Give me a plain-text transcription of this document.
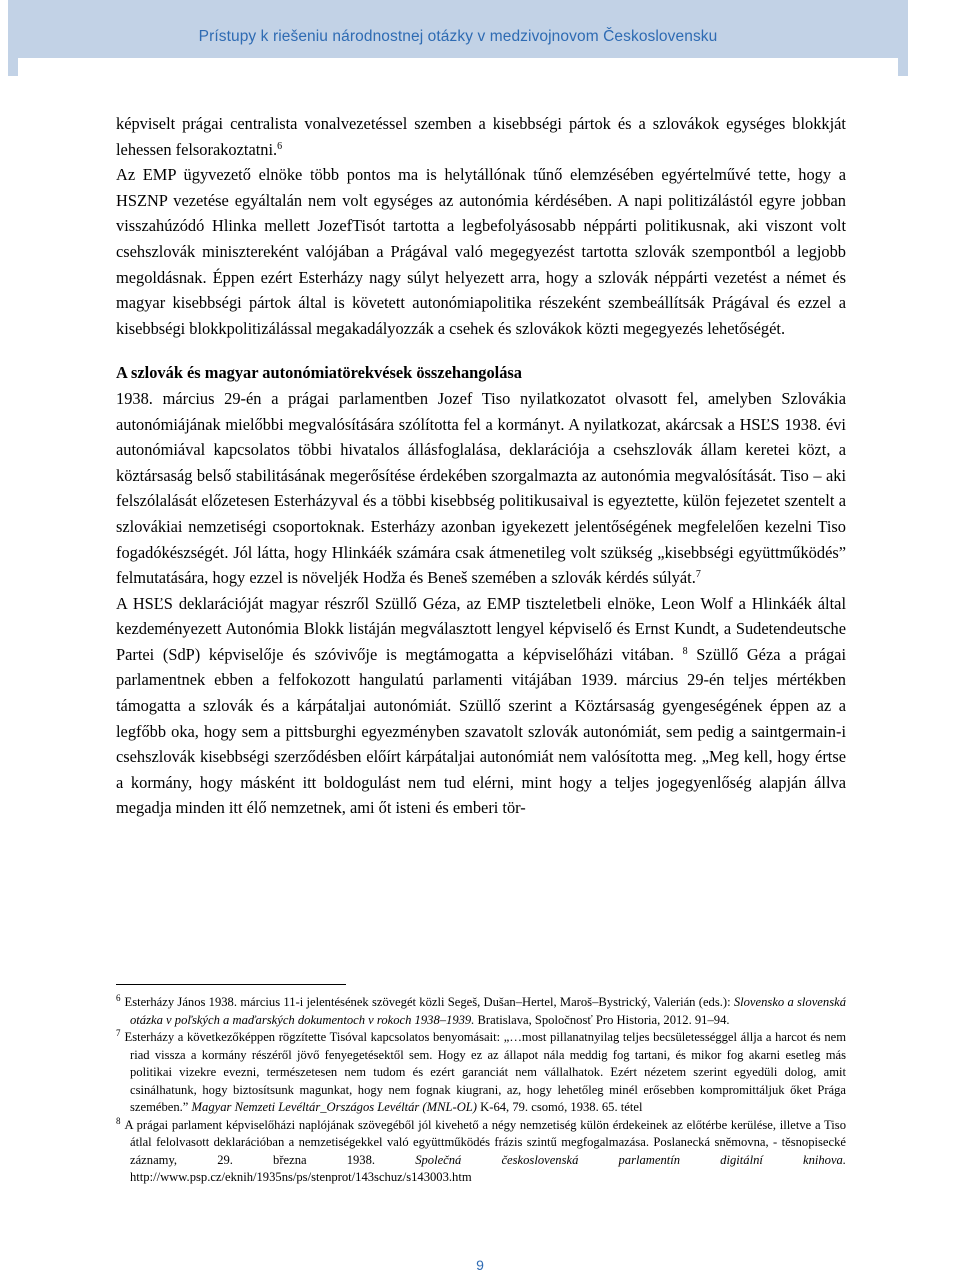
Prístupy k riešeniu národnostnej otázky v medzivojnovom Československu

képviselt prágai centralista vonalvezetéssel szemben a kisebbségi pártok és a szlovákok egységes blokkját lehessen felsorakoztatni.$^6$

Az EMP ügyvezető elnöke több pontos ma is helytállónak tűnő elemzésében egyértelművé tette, hogy a HSZNP vezetése egyáltalán nem volt egységes az autonómia kérdésében. A napi politizálástól egyre jobban visszahúzódó Hlinka mellett JozefTisót tartotta a legbefolyásosabb néppárti politikusnak, aki viszont volt csehszlovák minisztereként valójában a Prágával való megegyezést tartotta szlovák szempontból a legjobb megoldásnak. Éppen ezért Esterházy nagy súlyt helyezett arra, hogy a szlovák néppárti vezetést a német és magyar kisebbségi pártok által is követett autonómiapolitika részeként szembeállítsák Prágával és ezzel a kisebbségi blokkpolitizálással megakadályozzák a csehek és szlovákok közti megegyezés lehetőségét.

A szlovák és magyar autonómiatörekvések összehangolása

1938. március 29-én a prágai parlamentben Jozef Tiso nyilatkozatot olvasott fel, amelyben Szlovákia autonómiájának mielőbbi megvalósítására szólította fel a kormányt. A nyilatkozat, akárcsak a HSĽS 1938. évi autonómiával kapcsolatos többi hivatalos állásfoglalása, deklarációja a csehszlovák állam keretei közt, a köztársaság belső stabilitásának megerősítése érdekében szorgalmazta az autonómia megvalósítását. Tiso – aki felszólalását előzetesen Esterházyval és a többi kisebbség politikusaival is egyeztette, külön fejezetet szentelt a szlovákiai nemzetiségi csoportoknak. Esterházy azonban igyekezett jelentőségének megfelelően kezelni Tiso fogadókészségét. Jól látta, hogy Hlinkáék számára csak átmenetileg volt szükség „kisebbségi együttműködés” felmutatására, hogy ezzel is növeljék Hodža és Beneš szemében a szlovák kérdés súlyát.$^7$

A HSĽS deklarációját magyar részről Szüllő Géza, az EMP tiszteletbeli elnöke, Leon Wolf a Hlinkáék által kezdeményezett Autonómia Blokk listáján megválasztott lengyel képviselő és Ernst Kundt, a Sudetendeutsche Partei (SdP) képviselője és szóvivője is megtámogatta a képviselőházi vitában. $^8$ Szüllő Géza a prágai parlamentnek ebben a felfokozott hangulatú parlamenti vitájában 1939. március 29-én teljes mértékben támogatta a szlovák és a kárpátaljai autonómiát. Szüllő szerint a Köztársaság gyengeségének éppen az a legfőbb oka, hogy sem a pittsburghi egyezményben szavatolt szlovák autonómiát, sem pedig a saintgermain-i csehszlovák kisebbségi szerződésben előírt kárpátaljai autonómiát nem valósította meg. „Meg kell, hogy értse a kormány, hogy másként itt boldogulást nem tud elérni, mint hogy a teljes jogegyenlőség alapján állva megadja minden itt élő nemzetnek, ami őt isteni és emberi tör-

$^6$ Esterházy János 1938. március 11-i jelentésének szövegét közli Segeš, Dušan–Hertel, Maroš–Bystrický, Valerián (eds.): Slovensko a slovenská otázka v poľských a maďarských dokumentoch v rokoch 1938–1939. Bratislava, Spoločnosť Pro Historia, 2012. 91–94.

$^7$ Esterházy a következőképpen rögzítette Tisóval kapcsolatos benyomásait: „…most pillanatnyilag teljes becsületességgel állja a harcot és nem riad vissza a kormány részéről jövő fenyegetésektől sem. Hogy ez az állapot nála meddig fog tartani, és mikor fog akarni esetleg más politikai vizekre evezni, természetesen nem tudom és ezért garanciát nem vállalhatok. Ezért nézetem szerint egyedüli dolog, amit csinálhatunk, hogy biztosítsunk magunkat, hogy nem fognak kiugrani, az, hogy lehetőleg minél erősebben kompromittáljuk őket Prága szemében.” Magyar Nemzeti Levéltár_Országos Levéltár (MNL-OL) K-64, 79. csomó, 1938. 65. tétel

$^8$ A prágai parlament képviselőházi naplójának szövegéből jól kivehető a négy nemzetiség külön érdekeinek az előtérbe kerülése, illetve a Tiso átlal felolvasott deklarációban a nemzetiségekkel való együttműködés frázis szintű megfogalmazása. Poslanecká sněmovna, - těsnopisecké záznamy, 29. března 1938.	Společná československá parlamentín digitální knihova. http://www.psp.cz/eknih/1935ns/ps/stenprot/143schuz/s143003.htm

9
